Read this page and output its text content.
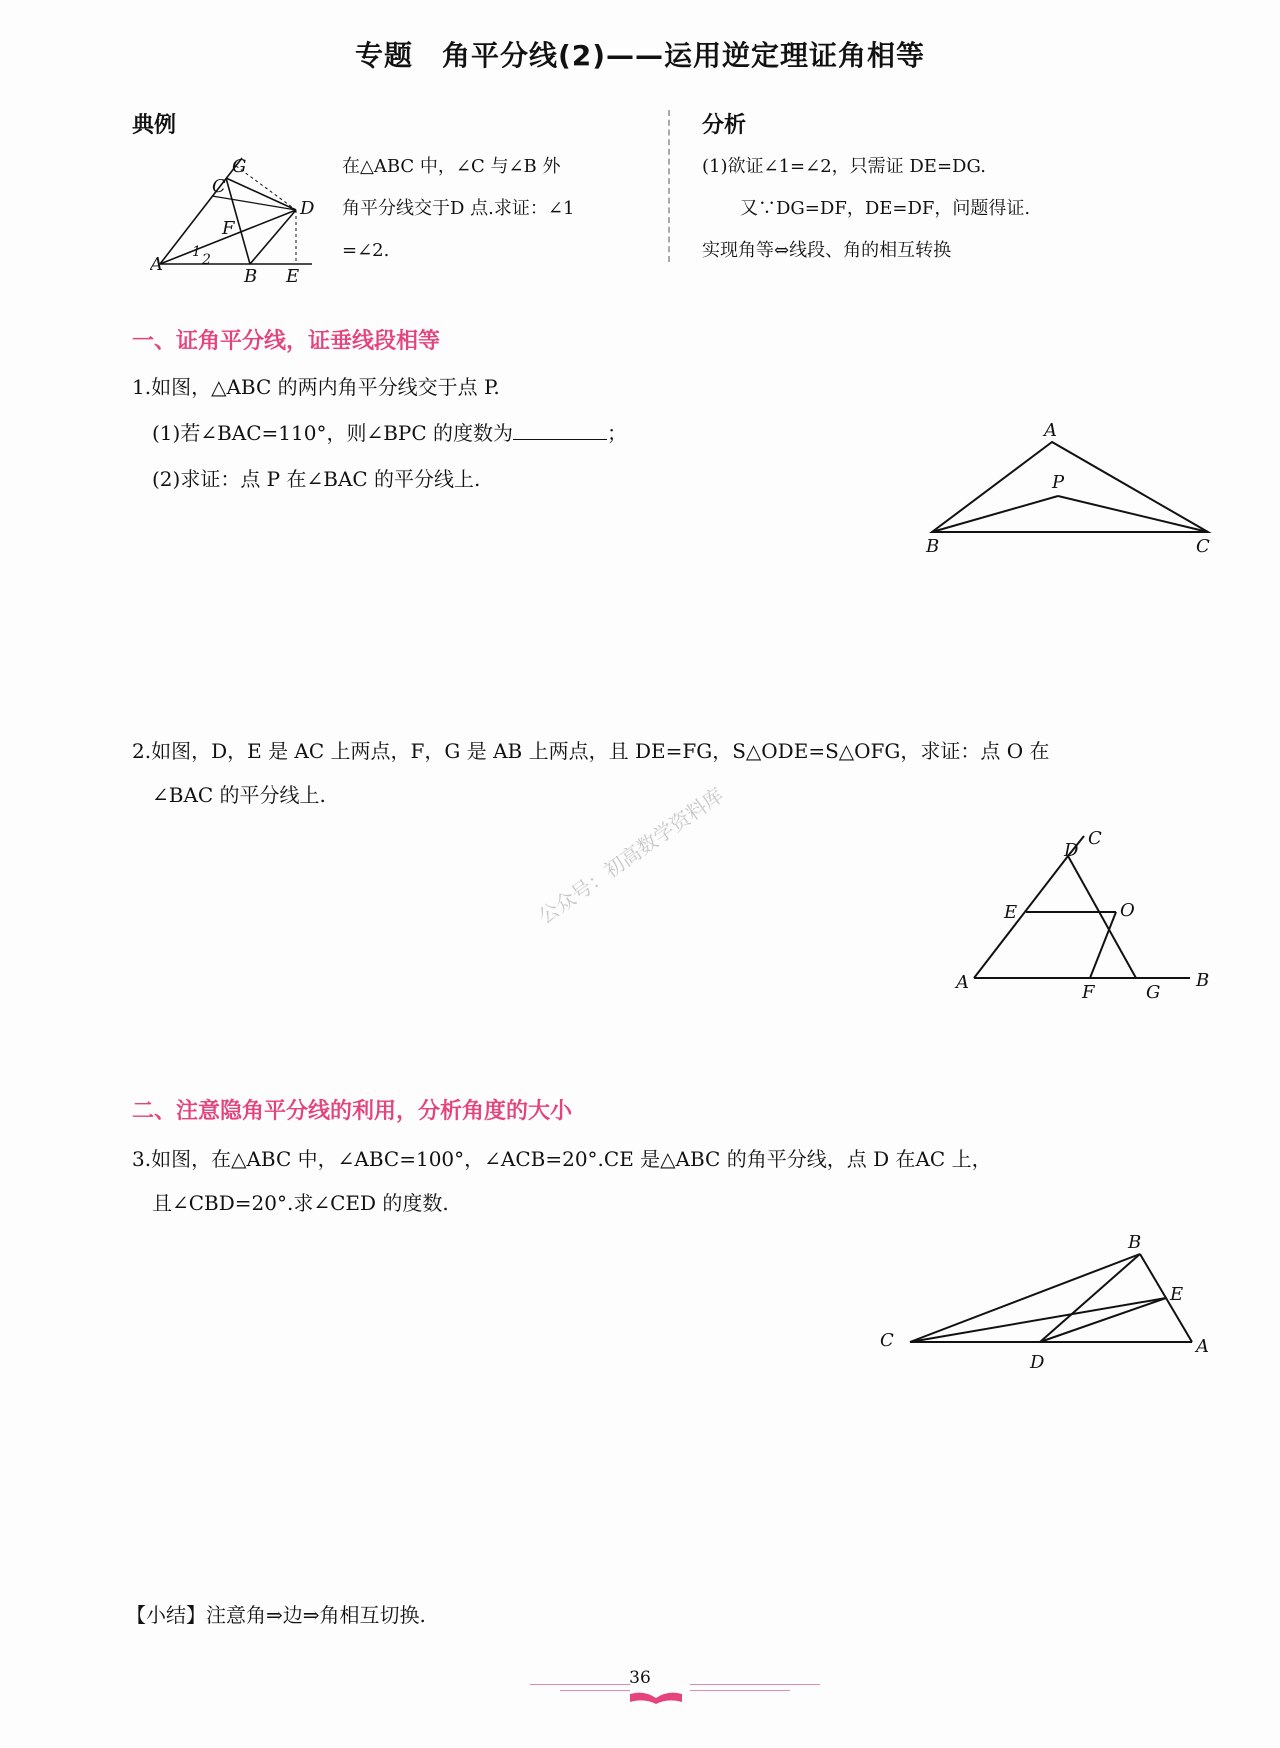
专题　角平分线(2)——运用逆定理证角相等
典例
G
C
D
F
1 2
A
B E
在△ABC 中，∠C 与∠B 外
角平分线交于D 点.求证：∠1
=∠2.
分析
(1)欲证∠1=∠2，只需证 DE=DG.
又∵DG=DF，DE=DF，问题得证.
实现角等⇔线段、角的相互转换
一、证角平分线，证垂线段相等
1.如图，△ABC 的两内角平分线交于点 P.
(1)若∠BAC=110°，则∠BPC 的度数为	；
(2)求证：点 P 在∠BAC 的平分线上.
A
P
B	C
2.如图，D，E 是 AC 上两点，F，G 是 AB 上两点，且 DE=FG，S△ODE=S△OFG，求证：点 O 在
∠BAC 的平分线上.
D
C
E	O
A	F	G
B
公众号：初高数学资料库
二、注意隐角平分线的利用，分析角度的大小
3.如图，在△ABC 中，∠ABC=100°，∠ACB=20°.CE 是△ABC 的角平分线，点 D 在AC 上，
且∠CBD=20°.求∠CED 的度数.
B
E
C
D
A
【小结】注意角⇒边⇒角相互切换.
36
